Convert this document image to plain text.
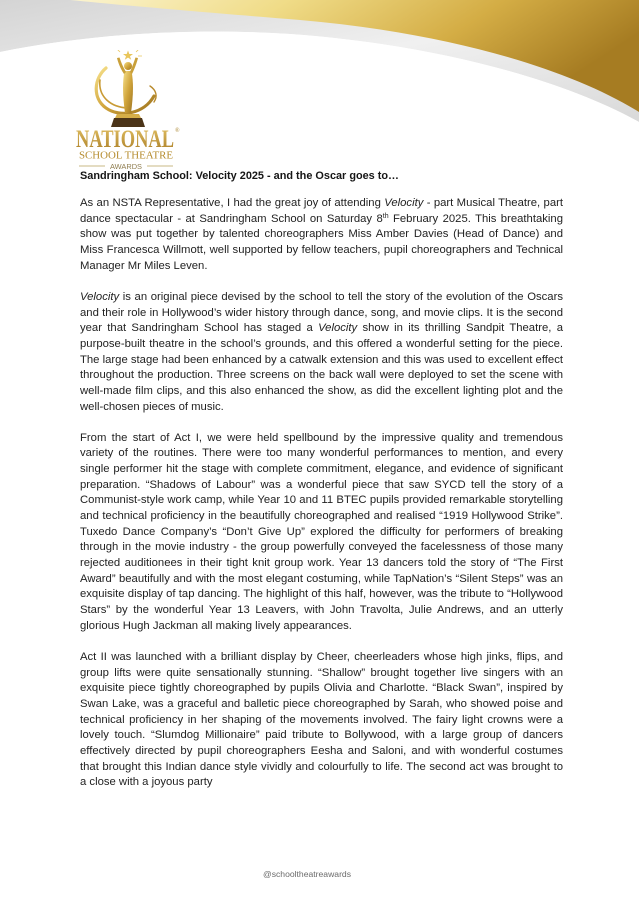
NATIONAL ®
SCHOOL THEATRE
AWARDS
Sandringham School: Velocity 2025 - and the Oscar goes to…

As an NSTA Representative, I had the great joy of attending Velocity - part Musical Theatre, part dance spectacular - at Sandringham School on Saturday 8th February 2025. This breathtaking show was put together by talented choreographers Miss Amber Davies (Head of Dance) and Miss Francesca Willmott, well supported by fellow teachers, pupil choreographers and Technical Manager Mr Miles Leven.

Velocity is an original piece devised by the school to tell the story of the evolution of the Oscars and their role in Hollywood’s wider history through dance, song, and movie clips. It is the second year that Sandringham School has staged a Velocity show in its thrilling Sandpit Theatre, a purpose-built theatre in the school’s grounds, and this offered a wonderful setting for the piece. The large stage had been enhanced by a catwalk extension and this was used to excellent effect throughout the production. Three screens on the back wall were deployed to set the scene with well-made film clips, and this also enhanced the show, as did the excellent lighting plot and the well-chosen pieces of music.

From the start of Act I, we were held spellbound by the impressive quality and tremendous variety of the routines. There were too many wonderful performances to mention, and every single performer hit the stage with complete commitment, elegance, and evidence of significant preparation. “Shadows of Labour” was a wonderful piece that saw SYCD tell the story of a Communist-style work camp, while Year 10 and 11 BTEC pupils provided remarkable storytelling and technical proficiency in the beautifully choreographed and realised “1919 Hollywood Strike”. Tuxedo Dance Company’s “Don’t Give Up” explored the difficulty for performers of breaking through in the movie industry - the group powerfully conveyed the facelessness of those many rejected auditionees in their tight knit group work. Year 13 dancers told the story of “The First Award” beautifully and with the most elegant costuming, while TapNation’s “Silent Steps” was an exquisite display of tap dancing. The highlight of this half, however, was the tribute to “Hollywood Stars” by the wonderful Year 13 Leavers, with John Travolta, Julie Andrews, and an utterly glorious Hugh Jackman all making lively appearances.

Act II was launched with a brilliant display by Cheer, cheerleaders whose high jinks, flips, and group lifts were quite sensationally stunning. “Shallow” brought together live singers with an exquisite piece tightly choreographed by pupils Olivia and Charlotte. “Black Swan”, inspired by Swan Lake, was a graceful and balletic piece choreographed by Sarah, who showed poise and technical proficiency in her shaping of the movements involved. The fairy light crowns were a lovely touch. “Slumdog Millionaire” paid tribute to Bollywood, with a large group of dancers effectively directed by pupil choreographers Eesha and Saloni, and with wonderful costumes that brought this Indian dance style vividly and colourfully to life. The second act was brought to a close with a joyous party

@schooltheatreawards
